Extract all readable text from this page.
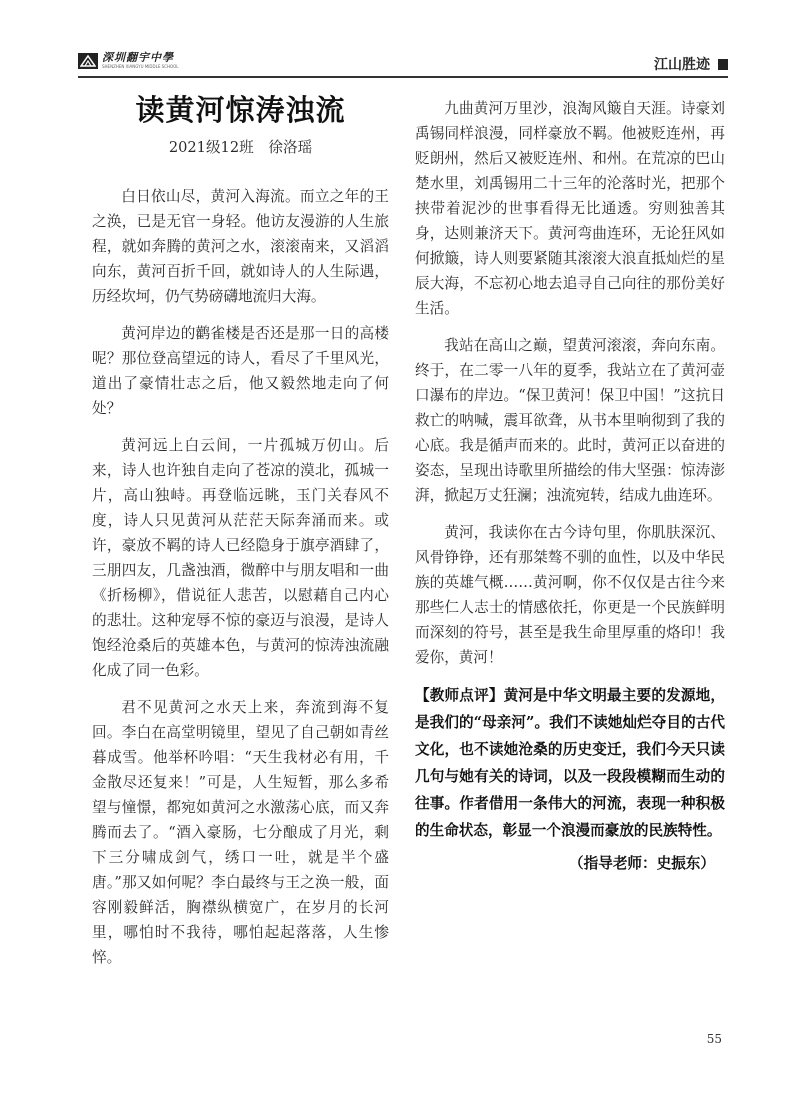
深圳翻宇中學
SHENZHEN XIANGYU MIDDLE SCHOOL	江山胜迹
读黄河惊涛浊流
2021级12班 徐洛瑶

白日依山尽，黄河入海流。而立之年的王之涣，已是无官一身轻。他访友漫游的人生旅程，就如奔腾的黄河之水，滚滚南来，又滔滔向东，黄河百折千回，就如诗人的人生际遇，历经坎坷，仍气势磅礴地流归大海。

黄河岸边的鹳雀楼是否还是那一日的高楼呢？那位登高望远的诗人，看尽了千里风光，道出了豪情壮志之后，他又毅然地走向了何处？

黄河远上白云间，一片孤城万仞山。后来，诗人也许独自走向了苍凉的漠北，孤城一片，高山独峙。再登临远眺，玉门关春风不度，诗人只见黄河从茫茫天际奔涌而来。或许，豪放不羁的诗人已经隐身于旗亭酒肆了，三朋四友，几盏浊酒，微醉中与朋友唱和一曲《折杨柳》，借说征人悲苦，以慰藉自己内心的悲壮。这种宠辱不惊的豪迈与浪漫，是诗人饱经沧桑后的英雄本色，与黄河的惊涛浊流融化成了同一色彩。

君不见黄河之水天上来，奔流到海不复回。李白在高堂明镜里，望见了自己朝如青丝暮成雪。他举杯吟唱：“天生我材必有用，千金散尽还复来！”可是，人生短暂，那么多希望与憧憬，都宛如黄河之水激荡心底，而又奔腾而去了。“酒入豪肠，七分酿成了月光，剩下三分啸成剑气，绣口一吐，就是半个盛唐。”那又如何呢？李白最终与王之涣一般，面容刚毅鲜活，胸襟纵横宽广，在岁月的长河里，哪怕时不我待，哪怕起起落落，人生惨悴。

九曲黄河万里沙，浪淘风簸自天涯。诗豪刘禹锡同样浪漫，同样豪放不羁。他被贬连州，再贬朗州，然后又被贬连州、和州。在荒凉的巴山楚水里，刘禹锡用二十三年的沦落时光，把那个挟带着泥沙的世事看得无比通透。穷则独善其身，达则兼济天下。黄河弯曲连环，无论狂风如何掀簸，诗人则要紧随其滚滚大浪直抵灿烂的星辰大海，不忘初心地去追寻自己向往的那份美好生活。

我站在高山之巅，望黄河滚滚，奔向东南。终于，在二零一八年的夏季，我站立在了黄河壶口瀑布的岸边。“保卫黄河！保卫中国！”这抗日救亡的呐喊，震耳欲聋，从书本里响彻到了我的心底。我是循声而来的。此时，黄河正以奋进的姿态，呈现出诗歌里所描绘的伟大坚强：惊涛澎湃，掀起万丈狂澜；浊流宛转，结成九曲连环。

黄河，我读你在古今诗句里，你肌肤深沉、风骨铮铮，还有那桀骜不驯的血性，以及中华民族的英雄气概……黄河啊，你不仅仅是古往今来那些仁人志士的情感依托，你更是一个民族鲜明而深刻的符号，甚至是我生命里厚重的烙印！我爱你，黄河！

【教师点评】黄河是中华文明最主要的发源地，是我们的“母亲河”。我们不读她灿烂夺目的古代文化，也不读她沧桑的历史变迁，我们今天只读几句与她有关的诗词，以及一段段模糊而生动的往事。作者借用一条伟大的河流，表现一种积极的生命状态，彰显一个浪漫而豪放的民族特性。

（指导老师：史振东）

55
